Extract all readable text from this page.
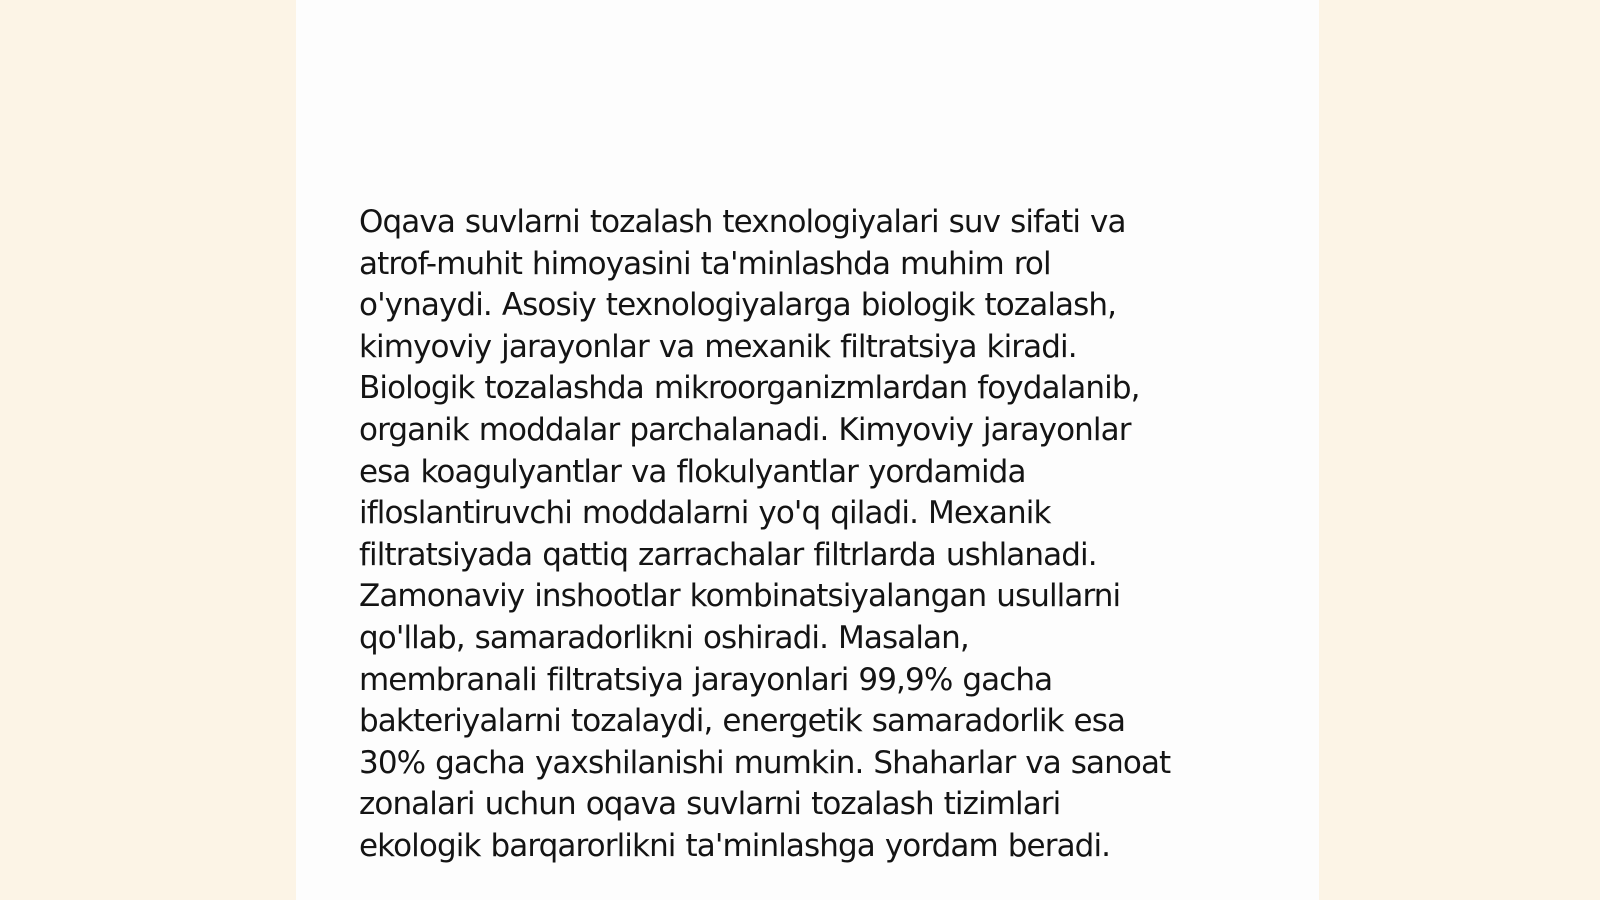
Oqava suvlarni tozalash texnologiyalari suv sifati va
atrof-muhit himoyasini ta'minlashda muhim rol
o'ynaydi. Asosiy texnologiyalarga biologik tozalash,
kimyoviy jarayonlar va mexanik filtratsiya kiradi.
Biologik tozalashda mikroorganizmlardan foydalanib,
organik moddalar parchalanadi. Kimyoviy jarayonlar
esa koagulyantlar va flokulyantlar yordamida
ifloslantiruvchi moddalarni yo'q qiladi. Mexanik
filtratsiyada qattiq zarrachalar filtrlarda ushlanadi.
Zamonaviy inshootlar kombinatsiyalangan usullarni
qo'llab, samaradorlikni oshiradi. Masalan,
membranali filtratsiya jarayonlari 99,9% gacha
bakteriyalarni tozalaydi, energetik samaradorlik esa
30% gacha yaxshilanishi mumkin. Shaharlar va sanoat
zonalari uchun oqava suvlarni tozalash tizimlari
ekologik barqarorlikni ta'minlashga yordam beradi.
